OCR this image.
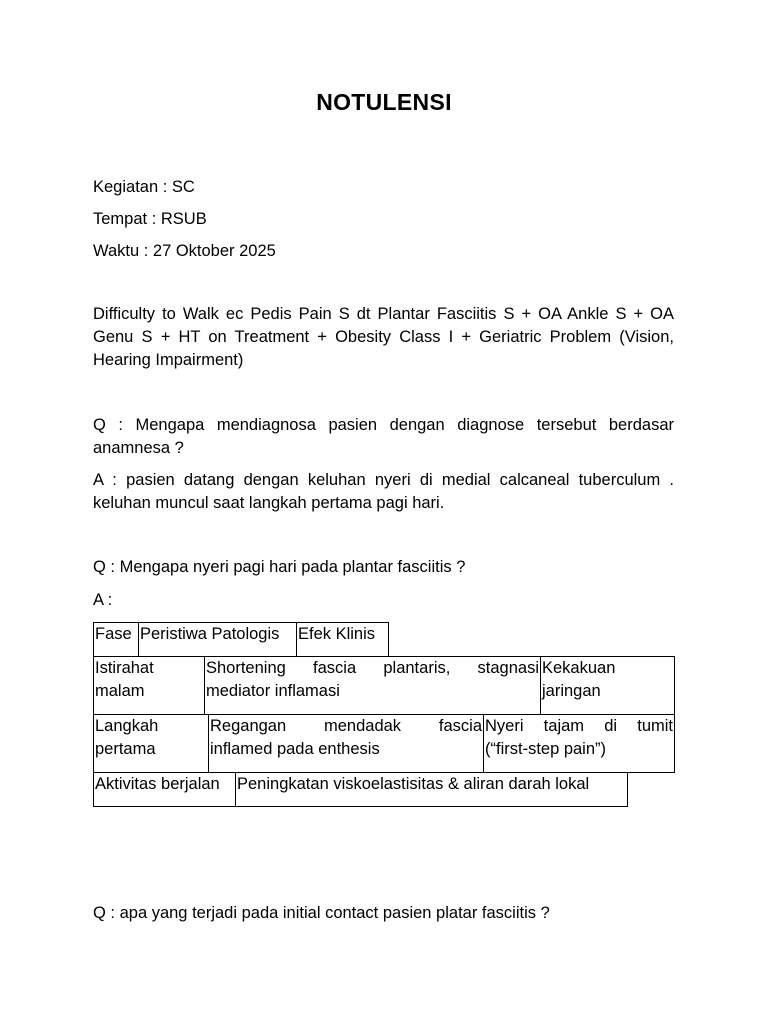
NOTULENSI

Kegiatan : SC

Tempat : RSUB

Waktu : 27 Oktober 2025

Difficulty to Walk ec Pedis Pain S dt Plantar Fasciitis S + OA Ankle S + OA Genu S + HT on Treatment + Obesity Class I + Geriatric Problem (Vision, Hearing Impairment)

Q : Mengapa mendiagnosa pasien dengan diagnose tersebut berdasar anamnesa ?

A : pasien datang dengan keluhan nyeri di medial calcaneal tuberculum . keluhan muncul saat langkah pertama pagi hari.

Q : Mengapa nyeri pagi hari pada plantar fasciitis ?

A :

Fase	Peristiwa Patologis	Efek Klinis
Istirahat malam	Shortening fascia plantaris, stagnasi mediator inflamasi	Kekakuan jaringan
Langkah pertama	Regangan mendadak fascia inflamed pada enthesis	Nyeri tajam di tumit (“first-step pain”)
Aktivitas berjalan	Peningkatan viskoelastisitas & aliran darah lokal

Q : apa yang terjadi pada initial contact pasien platar fasciitis ?
